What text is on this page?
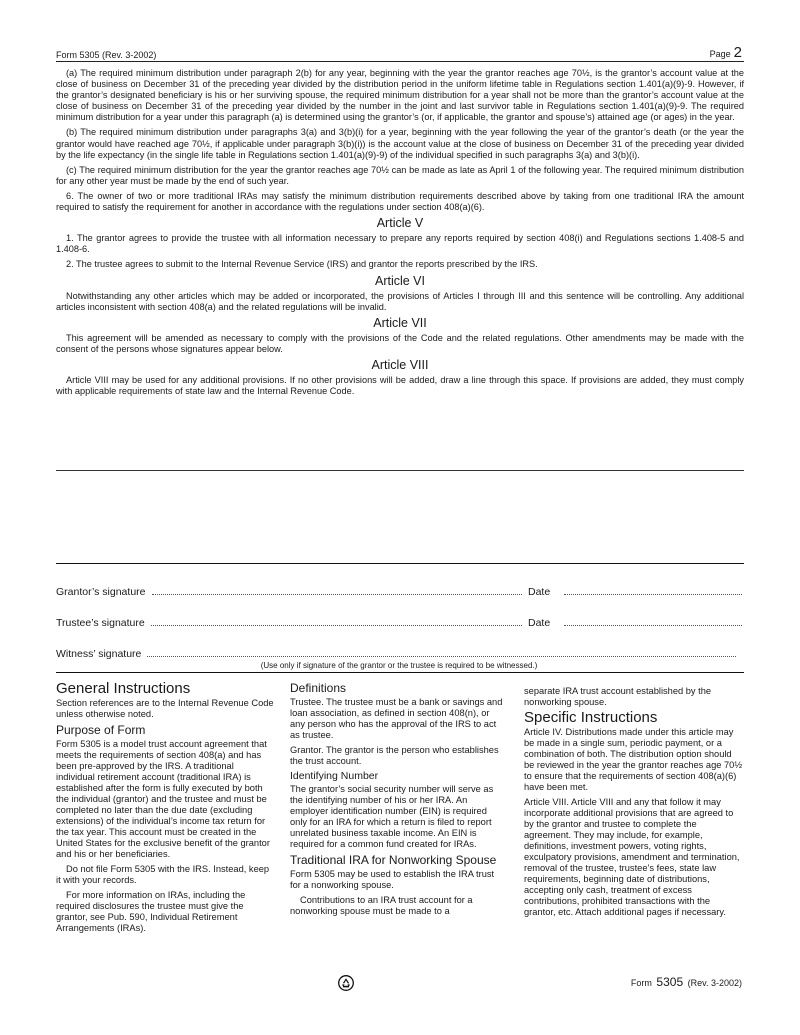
Form 5305 (Rev. 3-2002)	Page 2

(a) The required minimum distribution under paragraph 2(b) for any year, beginning with the year the grantor reaches age 70½, is the grantor’s account value at the close of business on December 31 of the preceding year divided by the distribution period in the uniform lifetime table in Regulations section 1.401(a)(9)-9. However, if the grantor’s designated beneficiary is his or her surviving spouse, the required minimum distribution for a year shall not be more than the grantor’s account value at the close of business on December 31 of the preceding year divided by the number in the joint and last survivor table in Regulations section 1.401(a)(9)-9. The required minimum distribution for a year under this paragraph (a) is determined using the grantor’s (or, if applicable, the grantor and spouse’s) attained age (or ages) in the year.

(b) The required minimum distribution under paragraphs 3(a) and 3(b)(i) for a year, beginning with the year following the year of the grantor’s death (or the year the grantor would have reached age 70½, if applicable under paragraph 3(b)(i)) is the account value at the close of business on December 31 of the preceding year divided by the life expectancy (in the single life table in Regulations section 1.401(a)(9)-9) of the individual specified in such paragraphs 3(a) and 3(b)(i).

(c) The required minimum distribution for the year the grantor reaches age 70½ can be made as late as April 1 of the following year. The required minimum distribution for any other year must be made by the end of such year.

6. The owner of two or more traditional IRAs may satisfy the minimum distribution requirements described above by taking from one traditional IRA the amount required to satisfy the requirement for another in accordance with the regulations under section 408(a)(6).

Article V

1. The grantor agrees to provide the trustee with all information necessary to prepare any reports required by section 408(i) and Regulations sections 1.408-5 and 1.408-6.

2. The trustee agrees to submit to the Internal Revenue Service (IRS) and grantor the reports prescribed by the IRS.

Article VI

Notwithstanding any other articles which may be added or incorporated, the provisions of Articles I through III and this sentence will be controlling. Any additional articles inconsistent with section 408(a) and the related regulations will be invalid.

Article VII

This agreement will be amended as necessary to comply with the provisions of the Code and the related regulations. Other amendments may be made with the consent of the persons whose signatures appear below.

Article VIII

Article VIII may be used for any additional provisions. If no other provisions will be added, draw a line through this space. If provisions are added, they must comply with applicable requirements of state law and the Internal Revenue Code.

Grantor’s signature	Date
Trustee’s signature	Date
Witness’ signature
(Use only if signature of the grantor or the trustee is required to be witnessed.)
General Instructions

Section references are to the Internal Revenue Code unless otherwise noted.

Purpose of Form

Form 5305 is a model trust account agreement that meets the requirements of section 408(a) and has been pre-approved by the IRS. A traditional individual retirement account (traditional IRA) is established after the form is fully executed by both the individual (grantor) and the trustee and must be completed no later than the due date (excluding extensions) of the individual’s income tax return for the tax year. This account must be created in the United States for the exclusive benefit of the grantor and his or her beneficiaries.

Do not file Form 5305 with the IRS. Instead, keep it with your records.

For more information on IRAs, including the required disclosures the trustee must give the grantor, see Pub. 590, Individual Retirement Arrangements (IRAs).

Definitions

Trustee. The trustee must be a bank or savings and loan association, as defined in section 408(n), or any person who has the approval of the IRS to act as trustee.

Grantor. The grantor is the person who establishes the trust account.

Identifying Number

The grantor’s social security number will serve as the identifying number of his or her IRA. An employer identification number (EIN) is required only for an IRA for which a return is filed to report unrelated business taxable income. An EIN is required for a common fund created for IRAs.

Traditional IRA for Nonworking Spouse

Form 5305 may be used to establish the IRA trust for a nonworking spouse.

Contributions to an IRA trust account for a nonworking spouse must be made to a

separate IRA trust account established by the nonworking spouse.

Specific Instructions

Article IV. Distributions made under this article may be made in a single sum, periodic payment, or a combination of both. The distribution option should be reviewed in the year the grantor reaches age 70½ to ensure that the requirements of section 408(a)(6) have been met.

Article VIII. Article VIII and any that follow it may incorporate additional provisions that are agreed to by the grantor and trustee to complete the agreement. They may include, for example, definitions, investment powers, voting rights, exculpatory provisions, amendment and termination, removal of the trustee, trustee’s fees, state law requirements, beginning date of distributions, accepting only cash, treatment of excess contributions, prohibited transactions with the grantor, etc. Attach additional pages if necessary.

Form 5305 (Rev. 3-2002)
